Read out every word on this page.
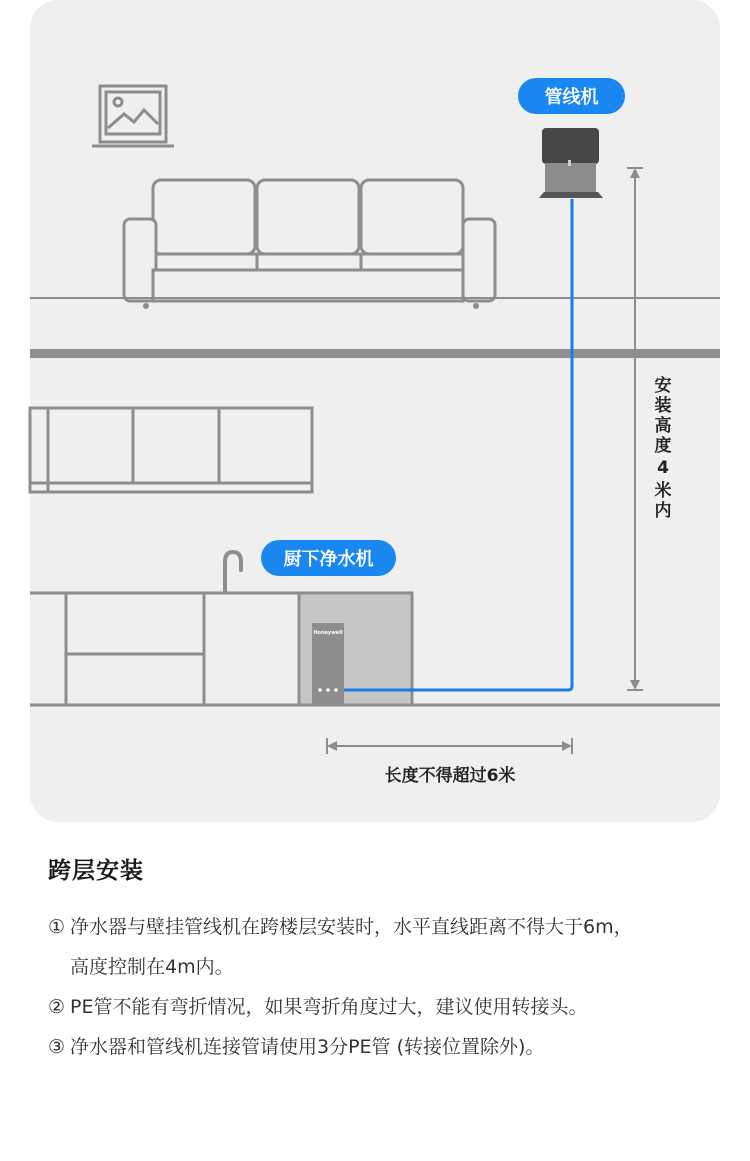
管线机
Honeywell
厨下净水机
安
装
高
度
4
米
内
长度不得超过6米
跨层安装

① 净水器与壁挂管线机在跨楼层安装时，水平直线距离不得大于6m，

高度控制在4m内。

② PE管不能有弯折情况，如果弯折角度过大，建议使用转接头。

③ 净水器和管线机连接管请使用3分PE管 (转接位置除外)。
